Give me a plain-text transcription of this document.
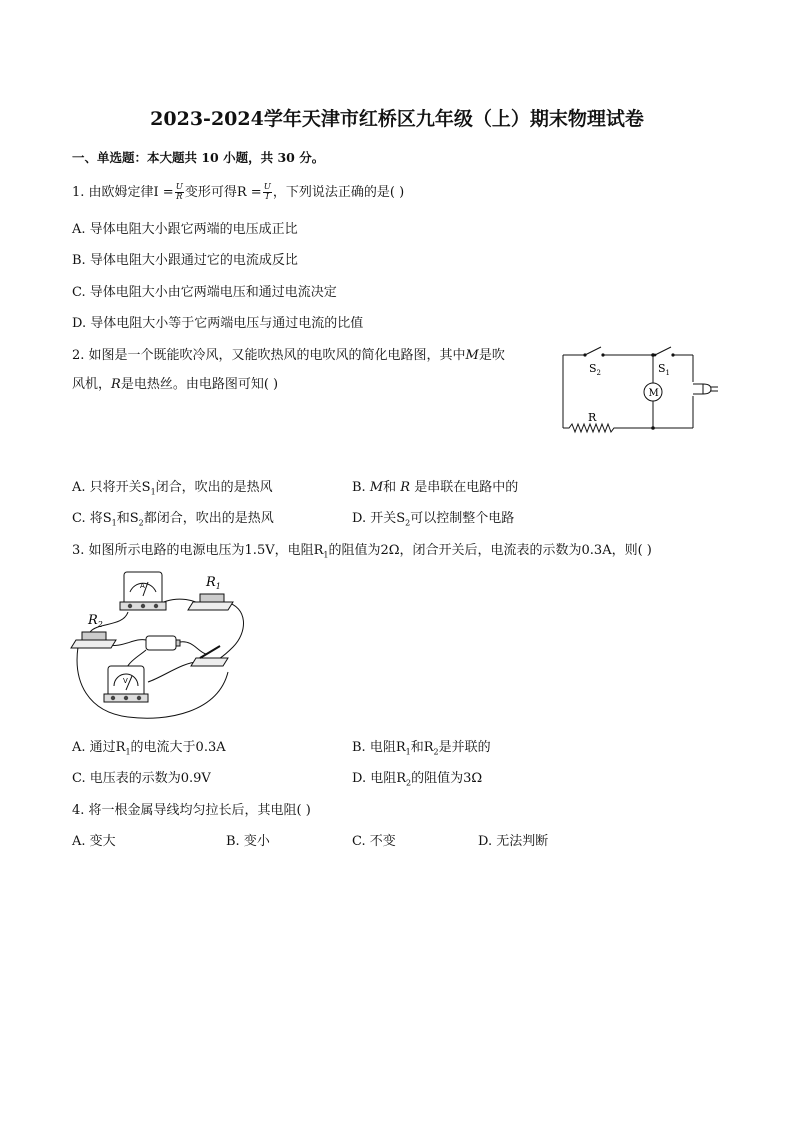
2023-2024学年天津市红桥区九年级（上）期末物理试卷
一、单选题：本大题共 10 小题，共 30 分。
1. 由欧姆定律$I = \frac{U}{R}$ 变形可得$R = \frac{U}{I}$ ，下列说法正确的是( )
A. 导体电阻大小跟它两端的电压成正比
B. 导体电阻大小跟通过它的电流成反比
C. 导体电阻大小由它两端电压和通过电流决定
D. 导体电阻大小等于它两端电压与通过电流的比值
2. 如图是一个既能吹冷风，又能吹热风的电吹风的简化电路图，其中M是吹
风机，R是电热丝。由电路图可知( )
$S_2$	$S_1$
M
R
A. 只将开关$S_1$闭合，吹出的是热风	B. M和 R 是串联在电路中的
C. 将$S_1$和$S_2$都闭合，吹出的是热风	D. 开关$S_2$可以控制整个电路
3. 如图所示电路的电源电压为1.5V，电阻$R_1$的阻值为2Ω，闭合开关后，电流表的示数为0.3A，则( )
A	$R_1$
$R_2$
V
A. 通过$R_1$的电流大于0.3A	B. 电阻$R_1$和$R_2$是并联的
C. 电压表的示数为0.9V	D. 电阻$R_2$的阻值为3Ω
4. 将一根金属导线均匀拉长后，其电阻( )
A. 变大	B. 变小	C. 不变	D. 无法判断
